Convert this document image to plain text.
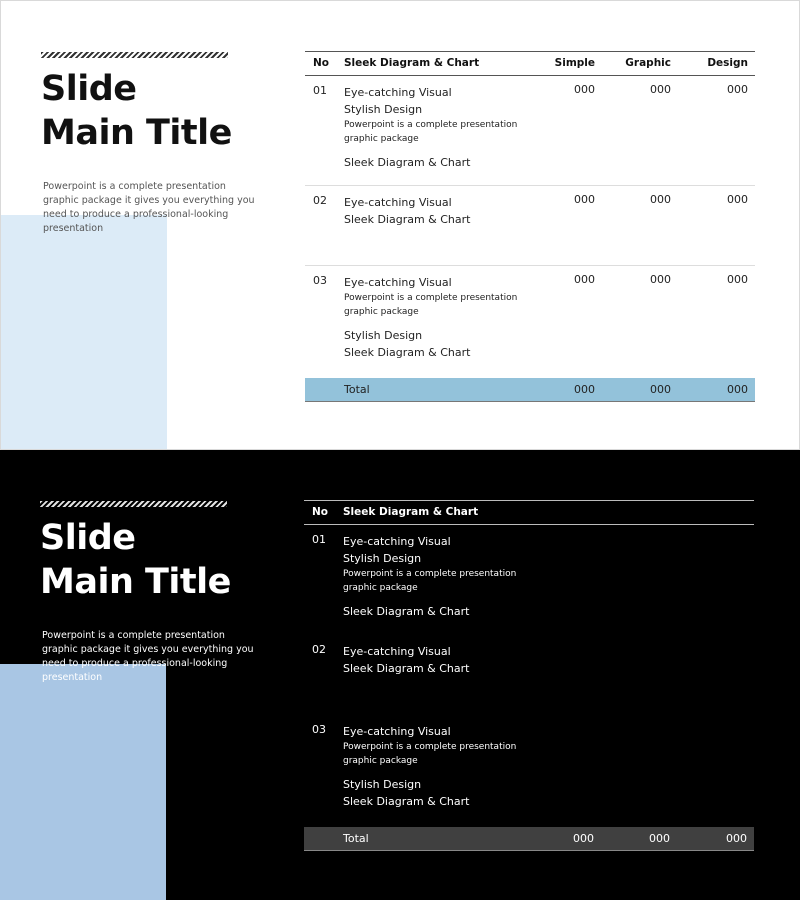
Slide
Main Title
Powerpoint is a complete presentation graphic package it gives you everything you need to produce a professional-looking presentation
No Sleek Diagram & Chart	Simple	Graphic	Design
01 Eye-catching Visual
Stylish Design
Powerpoint is a complete presentation graphic package
Sleek Diagram & Chart
000	000	000
02 Eye-catching Visual
Sleek Diagram & Chart
000	000	000
03 Eye-catching Visual
Powerpoint is a complete presentation graphic package
Stylish Design
Sleek Diagram & Chart
000	000	000
Total	000	000	000
Slide
Main Title
Powerpoint is a complete presentation graphic package it gives you everything you need to produce a professional-looking presentation
No Sleek Diagram & Chart
01 Eye-catching Visual
Stylish Design
Powerpoint is a complete presentation graphic package
Sleek Diagram & Chart
02 Eye-catching Visual
Sleek Diagram & Chart
03 Eye-catching Visual
Powerpoint is a complete presentation graphic package
Stylish Design
Sleek Diagram & Chart
Total	000	000	000
